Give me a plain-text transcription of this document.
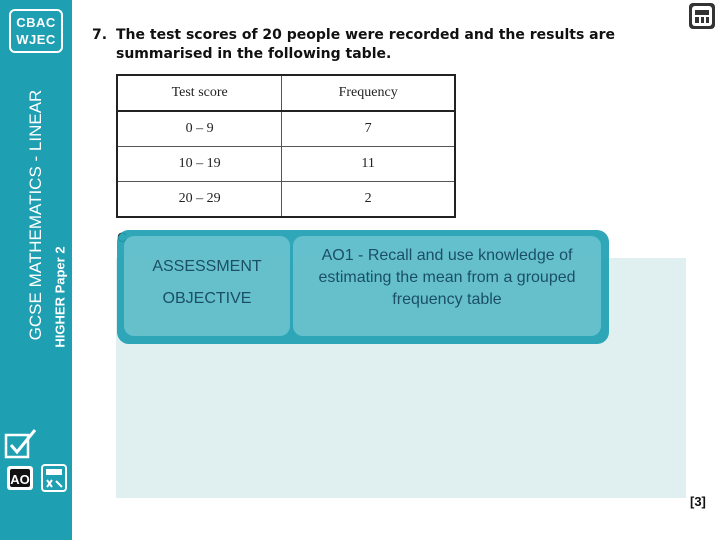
CBAC
WJEC
GCSE MATHEMATICS - LINEAR HIGHER Paper 2
AO
7. The test scores of 20 people were recorded and the results are summarised in the following table.
Test score	Frequency
0 – 9	7
10 – 19	11
20 – 29	2
ASSESSMENT
OBJECTIVE
AO1 - Recall and use knowledge of estimating the mean from a grouped frequency table
[3]
